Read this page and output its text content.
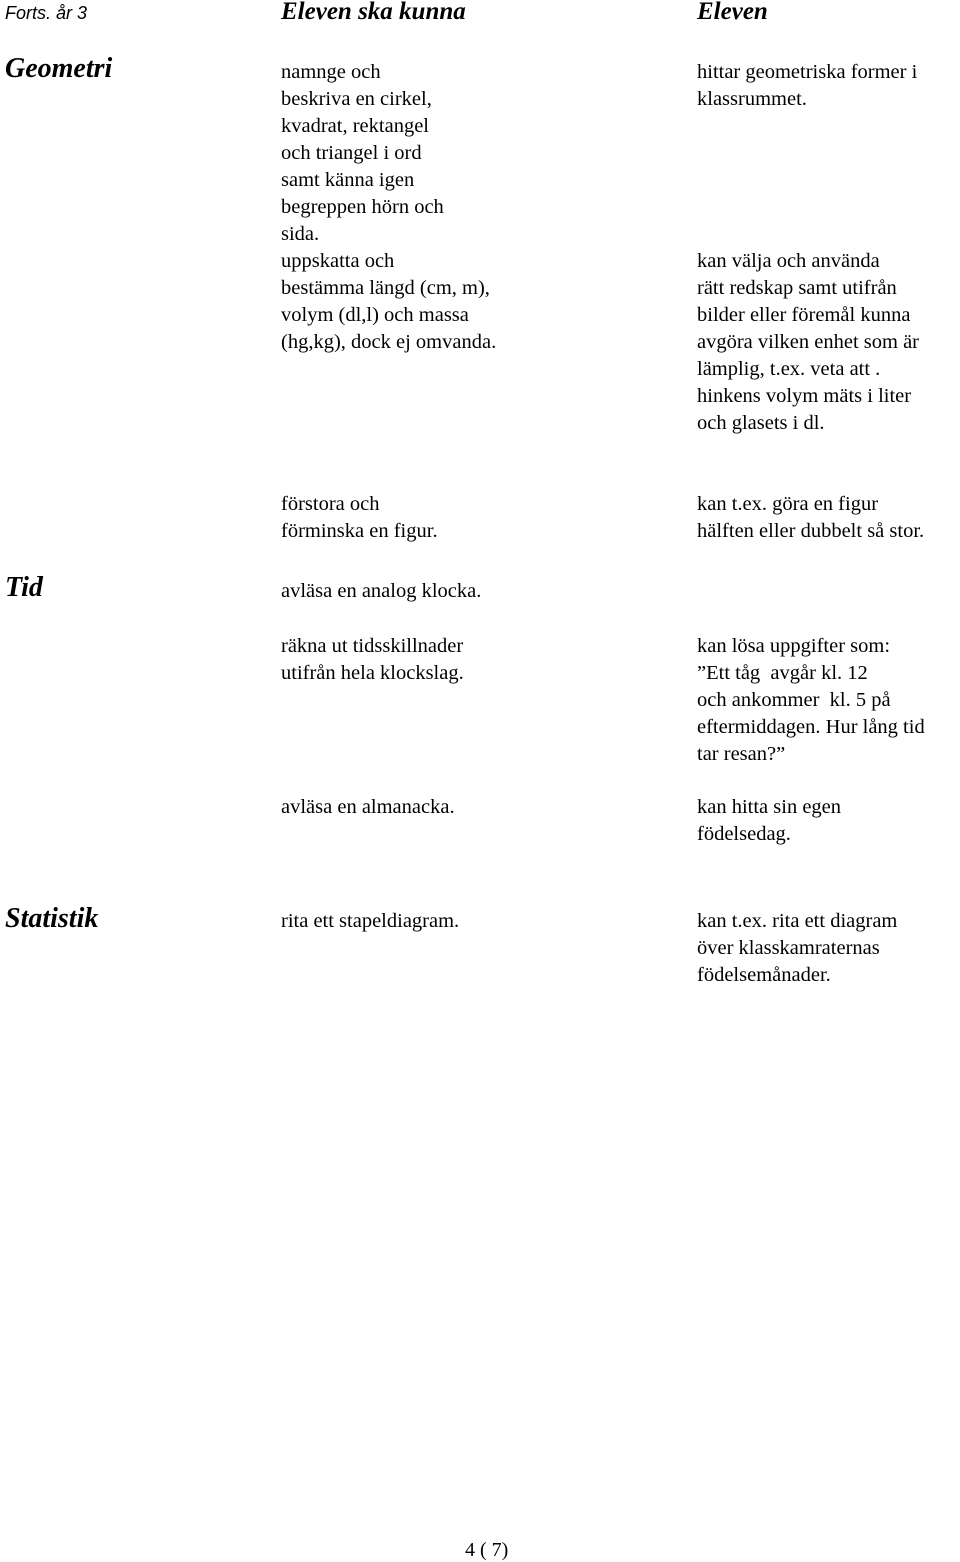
Forts. år 3	Eleven ska kunna	Eleven
Geometri
Tid
Statistik
namnge och
beskriva en cirkel,
kvadrat, rektangel
och triangel i ord
samt känna igen
begreppen hörn och
sida.
uppskatta och
bestämma längd (cm, m),
volym (dl,l) och massa
(hg,kg), dock ej omvanda.
förstora och
förminska en figur.
avläsa en analog klocka.
räkna ut tidsskillnader
utifrån hela klockslag.
avläsa en almanacka.
rita ett stapeldiagram.
hittar geometriska former i
klassrummet.
kan välja och använda
rätt redskap samt utifrån
bilder eller föremål kunna
avgöra vilken enhet som är
lämplig, t.ex. veta att .
hinkens volym mäts i liter
och glasets i dl.
kan t.ex. göra en figur
hälften eller dubbelt så stor.
kan lösa uppgifter som:
”Ett tåg  avgår kl. 12
och ankommer  kl. 5 på
eftermiddagen. Hur lång tid
tar resan?”
kan hitta sin egen
födelsedag.
kan t.ex. rita ett diagram
över klasskamraternas
födelsemånader.
4 ( 7)
